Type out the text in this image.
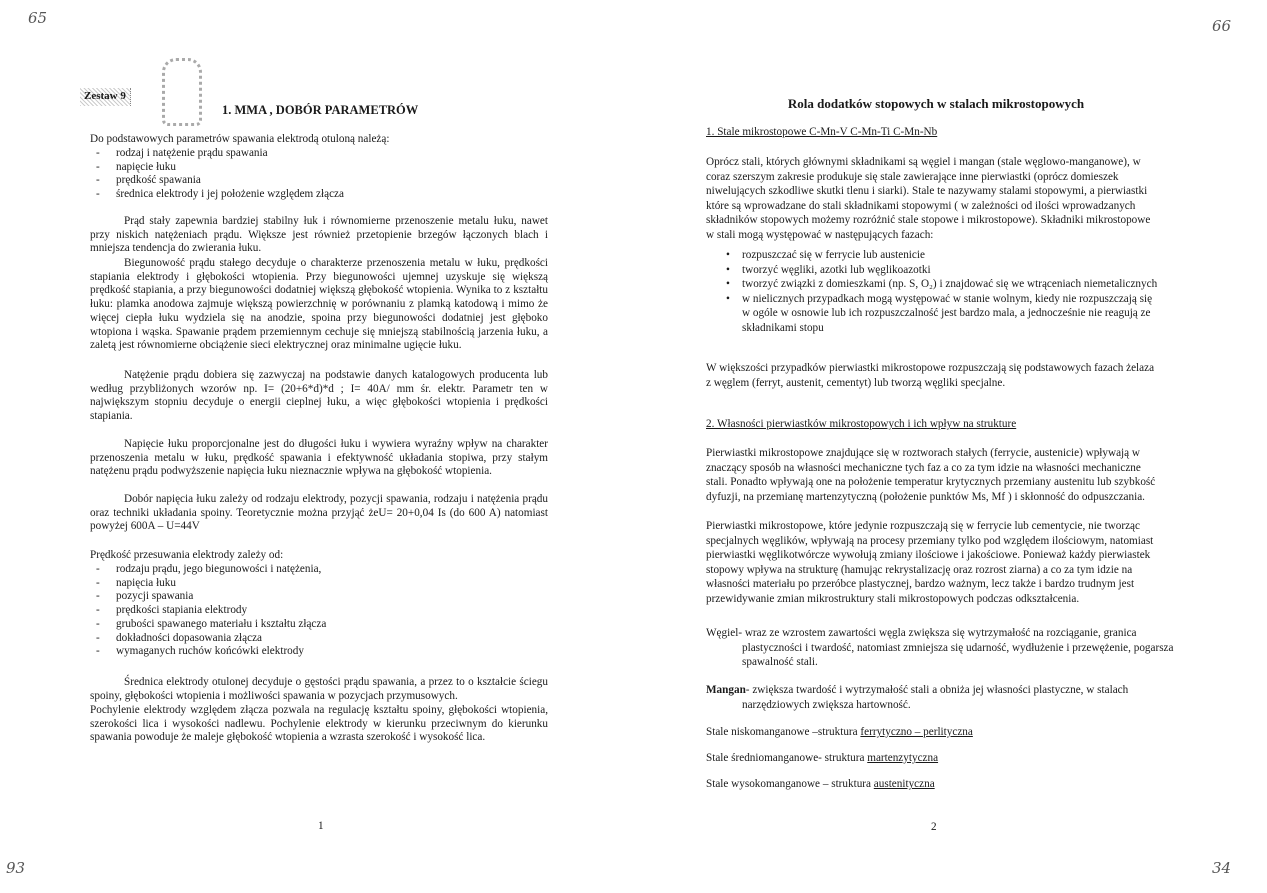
65	66
93	34
Zestaw 9
1. MMA , DOBÓR PARAMETRÓW
Do podstawowych parametrów spawania elektrodą otuloną należą:
- rodzaj i natężenie prądu spawania
- napięcie łuku
- prędkość spawania
- średnica elektrody i jej położenie względem złącza

Prąd stały zapewnia bardziej stabilny łuk i równomierne przenoszenie metalu łuku, nawet przy niskich natężeniach prądu. Większe jest również przetopienie brzegów łączonych blach i mniejsza tendencja do zwierania łuku.

Biegunowość prądu stałego decyduje o charakterze przenoszenia metalu w łuku, prędkości stapiania elektrody i głębokości wtopienia. Przy biegunowości ujemnej uzyskuje się większą prędkość stapiania, a przy biegunowości dodatniej większą głębokość wtopienia. Wynika to z kształtu łuku: plamka anodowa zajmuje większą powierzchnię w porównaniu z plamką katodową i mimo że więcej ciepła łuku wydziela się na anodzie, spoina przy biegunowości dodatniej jest głęboko wtopiona i wąska. Spawanie prądem przemiennym cechuje się mniejszą stabilnością jarzenia łuku, a zaletą jest równomierne obciążenie sieci elektrycznej oraz minimalne ugięcie łuku.

Natężenie prądu dobiera się zazwyczaj na podstawie danych katalogowych producenta lub według przybliżonych wzorów np. I= (20+6*d)*d ; I= 40A/ mm śr. elektr. Parametr ten w największym stopniu decyduje o energii cieplnej łuku, a więc głębokości wtopienia i prędkości stapiania.

Napięcie łuku proporcjonalne jest do długości łuku i wywiera wyraźny wpływ na charakter przenoszenia metalu w łuku, prędkość spawania i efektywność układania stopiwa, przy stałym natężenu prądu podwyższenie napięcia łuku nieznacznie wpływa na głębokość wtopienia.

Dobór napięcia łuku zależy od rodzaju elektrody, pozycji spawania, rodzaju i natężenia prądu oraz techniki układania spoiny. Teoretycznie można przyjąć żeU= 20+0,04 Is (do 600 A) natomiast powyżej 600A – U=44V

Prędkość przesuwania elektrody zależy od:
- rodzaju prądu, jego biegunowości i natężenia,
- napięcia łuku
- pozycji spawania
- prędkości stapiania elektrody
- grubości spawanego materiału i kształtu złącza
- dokładności dopasowania złącza
- wymaganych ruchów końcówki elektrody

Średnica elektrody otulonej decyduje o gęstości prądu spawania, a przez to o kształcie ściegu spoiny, głębokości wtopienia i możliwości spawania w pozycjach przymusowych.

Pochylenie elektrody względem złącza pozwala na regulację kształtu spoiny, głębokości wtopienia, szerokości lica i wysokości nadlewu. Pochylenie elektrody w kierunku przeciwnym do kierunku spawania powoduje że maleje głębokość wtopienia a wzrasta szerokość i wysokość lica.

1
Rola dodatków stopowych w stalach mikrostopowych
1. Stale mikrostopowe C-Mn-V C-Mn-Ti C-Mn-Nb

Oprócz stali, których głównymi składnikami są węgiel i mangan (stale węglowo-manganowe), w coraz szerszym zakresie produkuje się stale zawierające inne pierwiastki (oprócz domieszek niwelujących szkodliwe skutki tlenu i siarki). Stale te nazywamy stalami stopowymi, a pierwiastki które są wprowadzane do stali składnikami stopowymi ( w zależności od ilości wprowadzanych składników stopowych możemy rozróżnić stale stopowe i mikrostopowe). Składniki mikrostopowe w stali mogą występować w następujących fazach:

• rozpuszczać się w ferrycie lub austenicie
• tworzyć węgliki, azotki lub węglikoazotki
• tworzyć związki z domieszkami (np. S, O₂) i znajdować się we wtrąceniach niemetalicznych
• w nielicznych przypadkach mogą występować w stanie wolnym, kiedy nie rozpuszczają się w ogóle w osnowie lub ich rozpuszczalność jest bardzo mala, a jednocześnie nie reagują ze składnikami stopu

W większości przypadków pierwiastki mikrostopowe rozpuszczają się podstawowych fazach żelaza z węglem (ferryt, austenit, cementyt) lub tworzą węgliki specjalne.

2. Własności pierwiastków mikrostopowych i ich wpływ na strukture

Pierwiastki mikrostopowe znajdujące się w roztworach stałych (ferrycie, austenicie) wpływają w znaczący sposób na własności mechaniczne tych faz a co za tym idzie na własności mechaniczne stali. Ponadto wpływają one na położenie temperatur krytycznych przemiany austenitu lub szybkość dyfuzji, na przemianę martenzytyczną (położenie punktów Ms, Mf ) i skłonność do odpuszczania.

Pierwiastki mikrostopowe, które jedynie rozpuszczają się w ferrycie lub cementycie, nie tworząc specjalnych węglików, wpływają na procesy przemiany tylko pod względem ilościowym, natomiast pierwiastki węglikotwórcze wywołują zmiany ilościowe i jakościowe. Ponieważ każdy pierwiastek stopowy wpływa na strukturę (hamując rekrystalizację oraz rozrost ziarna) a co za tym idzie na własności materiału po przeróbce plastycznej, bardzo ważnym, lecz także i bardzo trudnym jest przewidywanie zmian mikrostruktury stali mikrostopowych podczas odkształcenia.

Węgiel- wraz ze wzrostem zawartości węgla zwiększa się wytrzymałość na rozciąganie, granica plastyczności i twardość, natomiast zmniejsza się udarność, wydłużenie i przewężenie, pogarsza spawalność stali.

Mangan- zwiększa twardość i wytrzymałość stali a obniża jej własności plastyczne, w stalach narzędziowych zwiększa hartowność.

Stale niskomanganowe –struktura ferrytyczno – perlityczna
Stale średniomanganowe- struktura martenzytyczna
Stale wysokomanganowe – struktura austenityczna
2
